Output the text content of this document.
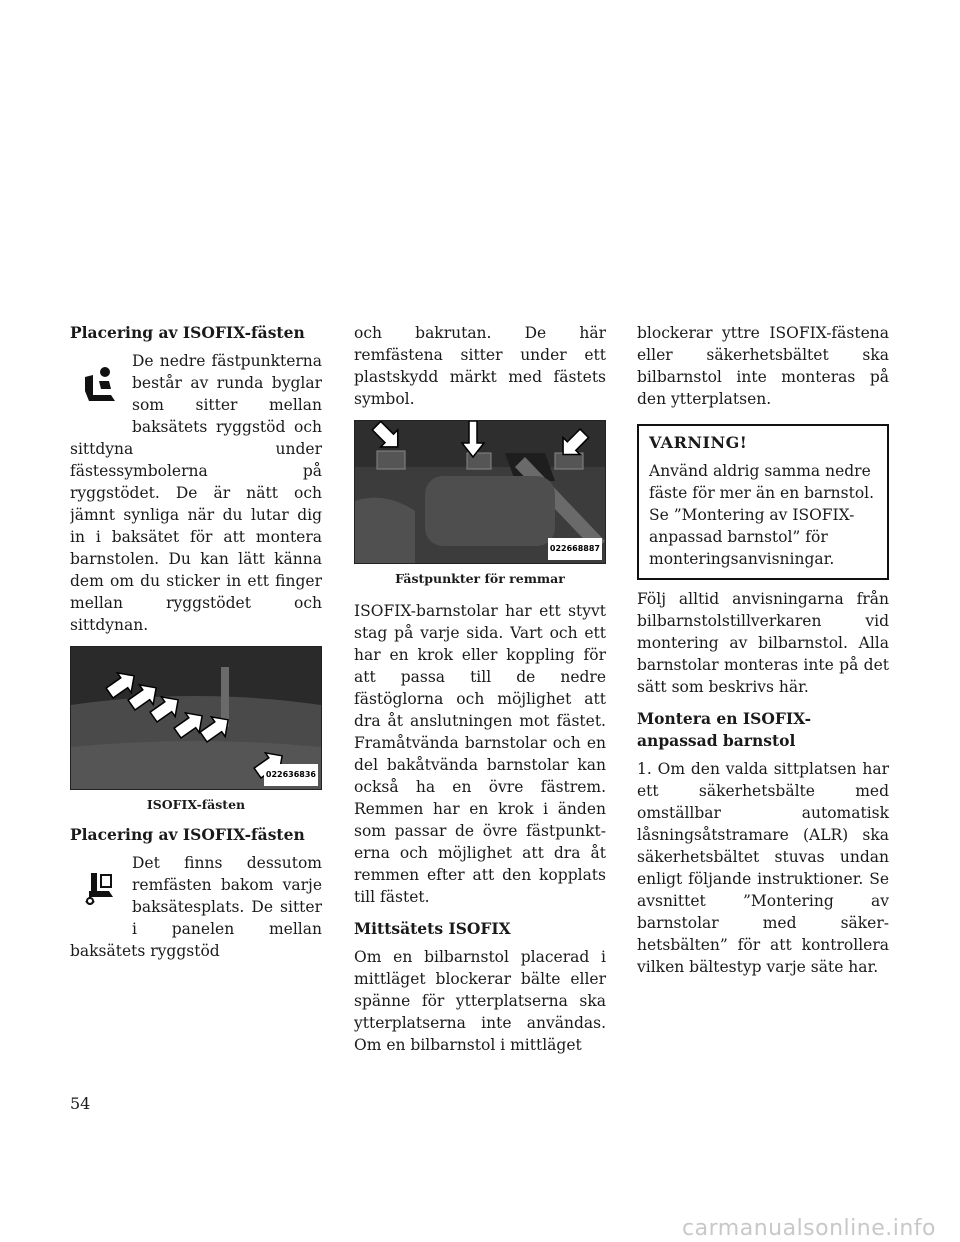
Placering av ISOFIX-fästen

De nedre fästpunkterna består av runda byglar som sitter mellan baksätets ryggstöd och sittdyna under fästessymbolerna på ryggstödet. De är nätt och jämnt synliga när du lutar dig in i baksätet för att montera barnstolen. Du kan lätt känna dem om du sticker in ett finger mellan ryggstödet och sittdynan.

022636836
ISOFIX-fästen
Placering av ISOFIX-fästen

Det finns dessutom remfästen bakom varje baksätesplats. De sitter i panelen mellan baksätets ryggstöd

och bakrutan. De här remfästena sitter under ett plastskydd märkt med fästets symbol.

022668887
Fästpunkter för remmar

ISOFIX-barnstolar har ett styvt stag på varje sida. Vart och ett har en krok eller koppling för att passa till de nedre fästöglorna och möjlighet att dra åt anslutningen mot fästet. Framåtvända barnstolar och en del bakåtvända barnstolar kan också ha en övre fästrem. Remmen har en krok i änden som passar de övre fästpunkterna och möjlighet att dra åt remmen efter att den kopplats till fästet.

Mittsätets ISOFIX

Om en bilbarnstol placerad i mittläget blockerar bälte eller spänne för ytterplatserna ska ytterplatserna inte användas. Om en bilbarnstol i mittläget

blockerar yttre ISOFIX-fästena eller säkerhetsbältet ska bilbarnstol inte monteras på den ytterplatsen.

VARNING!

Använd aldrig samma nedre fäste för mer än en barnstol. Se ”Montering av ISOFIX-anpassad barnstol” för monteringsanvisningar.

Följ alltid anvisningarna från bilbarnstolstillverkaren vid montering av bilbarnstol. Alla barnstolar monteras inte på det sätt som beskrivs här.

Montera en ISOFIX-anpassad barnstol

1. Om den valda sittplatsen har ett säkerhetsbälte med omställbar automatisk låsningsåtstramare (ALR) ska säkerhetsbältet stuvas undan enligt följande instruktioner. Se avsnittet ”Montering av barnstolar med säkerhetsbälten” för att kontrollera vilken bältestyp varje säte har.

54
carmanualsonline.info
